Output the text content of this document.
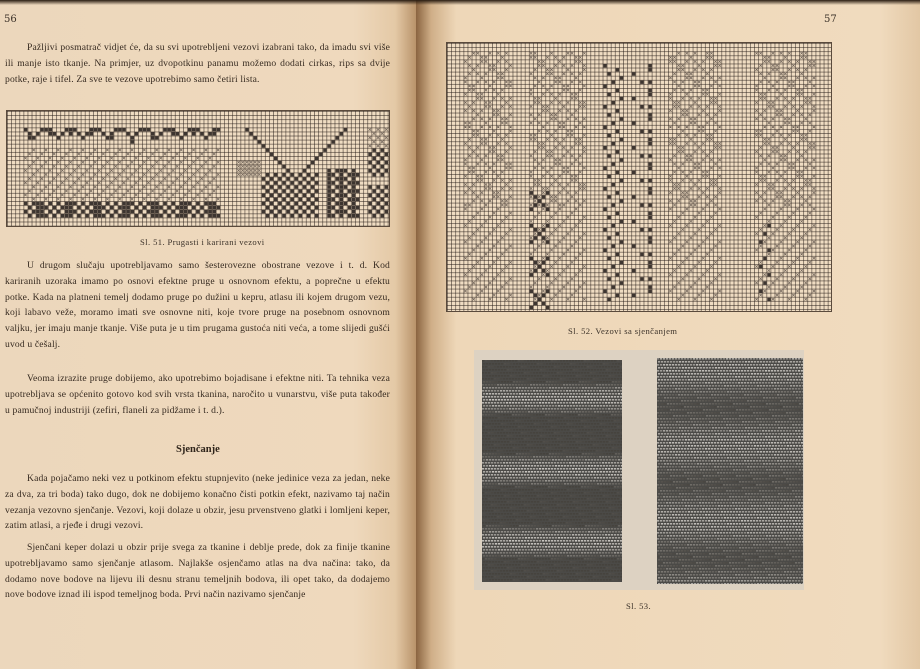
56

Pažljivi posmatrač vidjet će, da su svi upotrebljeni vezovi izabrani tako, da imadu svi više ili manje isto tkanje. Na primjer, uz dvopotkinu panamu možemo dodati cirkas, rips sa dvije potke, raje i tifel. Za sve te vezove upotrebimo samo četiri lista.

Sl. 51. Prugasti i karirani vezovi

U drugom slučaju upotrebljavamo samo šesterovezne obostrane vezove i t. d. Kod kariranih uzoraka imamo po osnovi efektne pruge u osnovnom efektu, a poprečne u efektu potke. Kada na platneni temelj dodamo pruge po dužini u kepru, atlasu ili kojem drugom vezu, koji labavo veže, moramo imati sve osnovne niti, koje tvore pruge na posebnom osnovnom valjku, jer imaju manje tkanje. Više puta je u tim prugama gustoća niti veća, a tome slijedi gušći uvod u češalj.

Veoma izrazite pruge dobijemo, ako upotrebimo bojadisane i efektne niti. Ta tehnika veza upotrebljava se općenito gotovo kod svih vrsta tkanina, naročito u vunarstvu, više puta također u pamučnoj industriji (zefiri, flaneli za pidžame i t. d.).

Sjenčanje

Kada pojačamo neki vez u potkinom efektu stupnjevito (neke jedinice veza za jedan, neke za dva, za tri boda) tako dugo, dok ne dobijemo konačno čisti potkin efekt, nazivamo taj način vezanja vezovno sjenčanje. Vezovi, koji dolaze u obzir, jesu prvenstveno glatki i lomljeni keper, zatim atlasi, a rjeđe i drugi vezovi.

Sjenčani keper dolazi u obzir prije svega za tkanine i deblje prede, dok za finije tkanine upotrebljavamo samo sjenčanje atlasom. Najlakše osjenčamo atlas na dva načina: tako, da dodamo nove bodove na lijevu ili desnu stranu temeljnih bodova, ili opet tako, da dodajemo nove bodove iznad ili ispod temeljnog boda. Prvi način nazivamo sjenčanje

57
Sl. 52. Vezovi sa sjenčanjem
Sl. 53.
